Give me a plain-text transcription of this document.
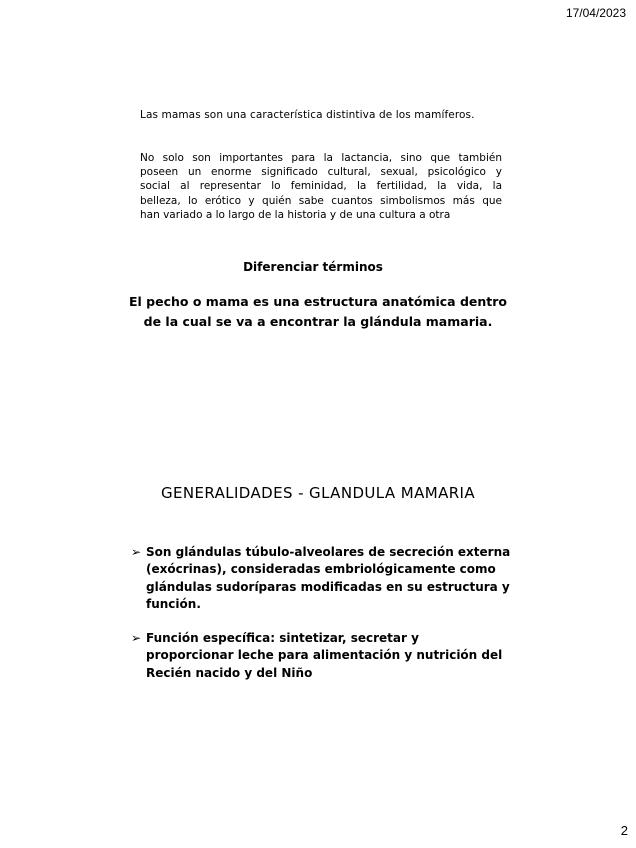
17/04/2023
Las mamas son una característica distintiva de los mamíferos.
No solo son importantes para la lactancia, sino que también
poseen un enorme significado cultural, sexual, psicológico y
social al representar lo feminidad, la fertilidad, la vida, la
belleza, lo erótico y quién sabe cuantos simbolismos más que
han variado a lo largo de la historia y de una cultura a otra
Diferenciar términos
El pecho o mama es una estructura anatómica dentro
de la cual se va a encontrar la glándula mamaria.
GENERALIDADES - GLANDULA MAMARIA
➢ Son glándulas túbulo-alveolares de secreción externa
(exócrinas), consideradas embriológicamente como
glándulas sudoríparas modificadas en su estructura y
función.
➢ Función específica: sintetizar, secretar y
proporcionar leche para alimentación y nutrición del
Recién nacido y del Niño
2
